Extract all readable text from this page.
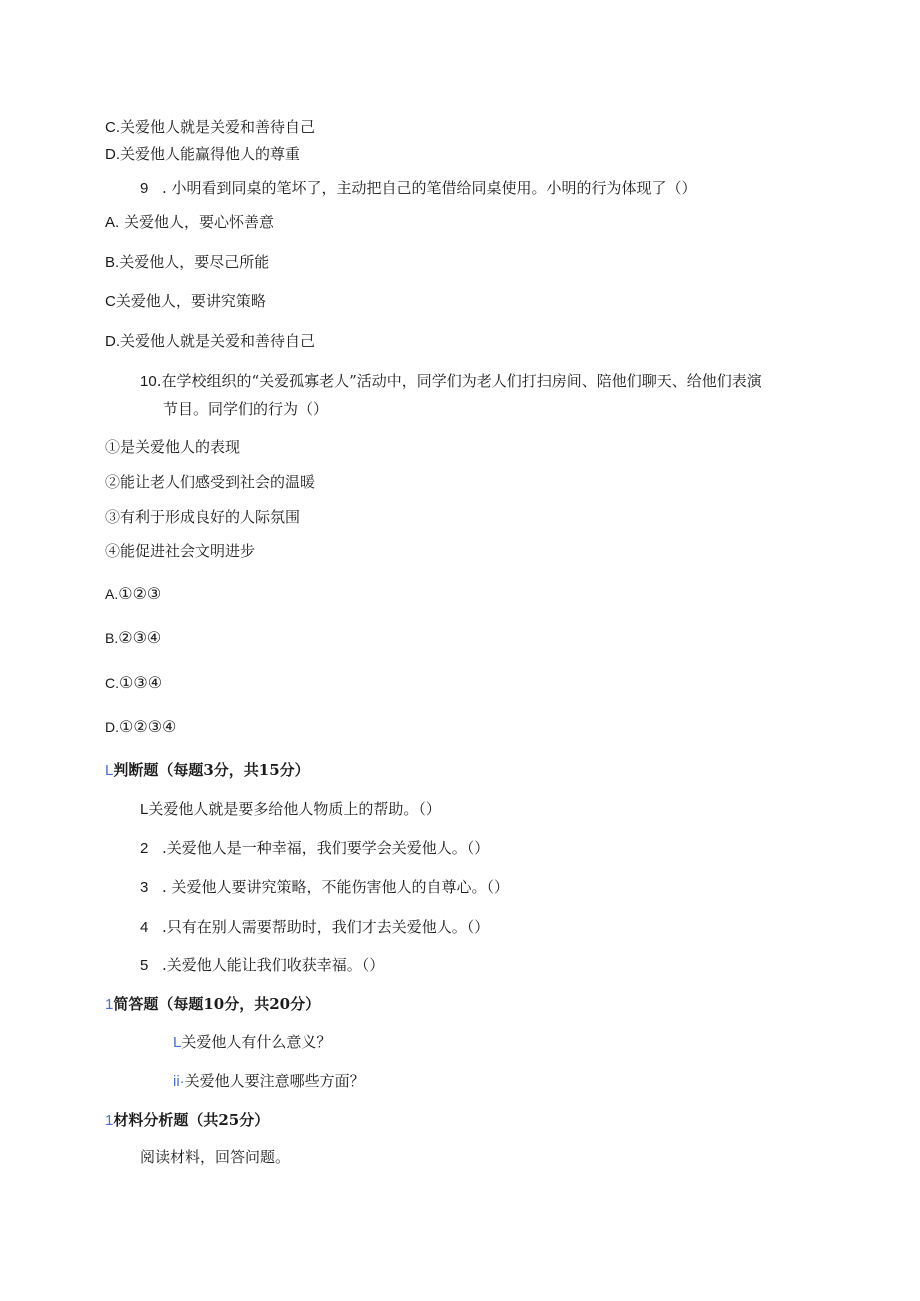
C.关爱他人就是关爱和善待自己
D.关爱他人能赢得他人的尊重
9 . 小明看到同桌的笔坏了，主动把自己的笔借给同桌使用。小明的行为体现了（）
A. 关爱他人，要心怀善意
B.关爱他人，要尽己所能
C关爱他人，要讲究策略
D.关爱他人就是关爱和善待自己
10.在学校组织的“关爱孤寡老人”活动中，同学们为老人们打扫房间、陪他们聊天、给他们表演
节目。同学们的行为（）
①是关爱他人的表现
②能让老人们感受到社会的温暖
③有利于形成良好的人际氛围
④能促进社会文明进步
A.①②③
B.②③④
C.①③④
D.①②③④
L判断题（每题3分，共15分）
L关爱他人就是要多给他人物质上的帮助。（）
2 .关爱他人是一种幸福，我们要学会关爱他人。（）
3 . 关爱他人要讲究策略，不能伤害他人的自尊心。（）
4 .只有在别人需要帮助时，我们才去关爱他人。（）
5 .关爱他人能让我们收获幸福。（）
1简答题（每题10分，共20分）
L关爱他人有什么意义？
ii·关爱他人要注意哪些方面？
1材料分析题（共25分）
阅读材料，回答问题。
